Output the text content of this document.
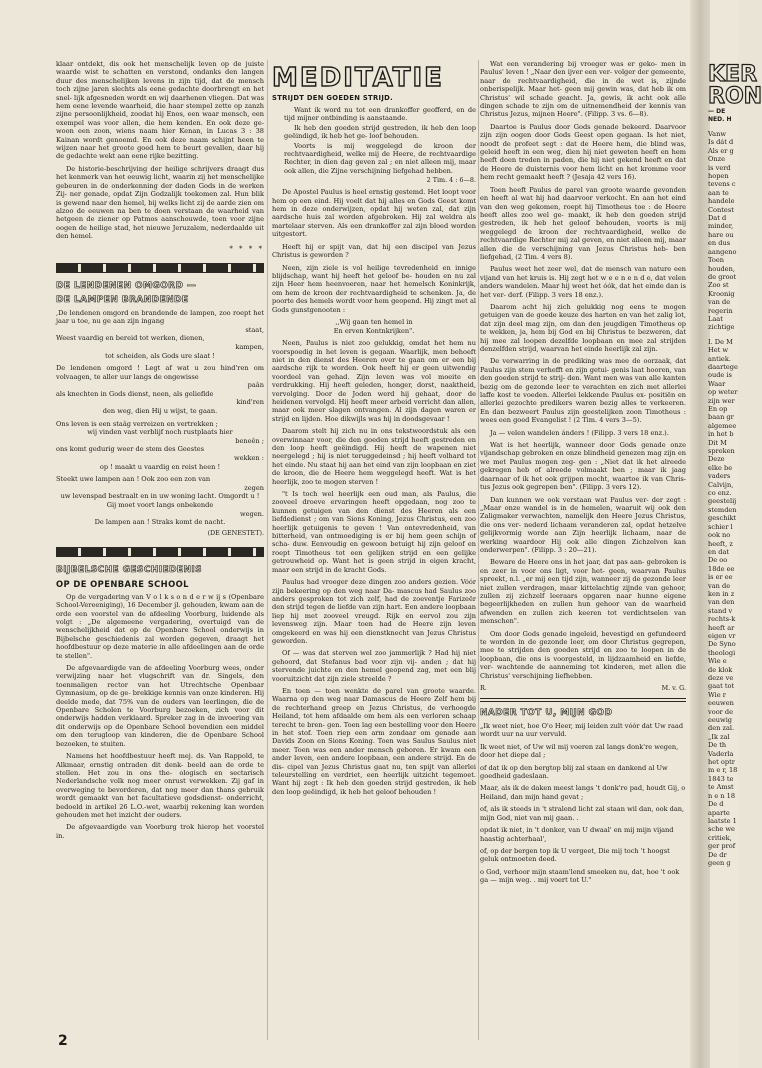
klaar ontdekt, dis ook het menschelijk leven op de juiste waarde wist te schatten en verstond, ondanks den langen duur des menschelijken levens in zijn tijd, dat de mensch toch zijne jaren slechts als eene gedachte doorbrengt en het snel- lijk afgesneden wordt en wij daarhenen vliegen. Dat was hem eene levende waarheid, die haar stempel zette op zanzh zijne persoonlijkheid, zoodat hij Enos, een waar mensch, een exempel was voor allen, die hem kenden. En ook deze ge- woon een zoon, wiens naam hier Kenan, in Lucas 3 : 38 Kainan wordt genoemd. En ook deze naam schijnt heen te wijzen naar het groote goed hem te beurt gevallen, daar hij de gedachte wekt aan eene rijke bezitting.

De historie-beschrijving der heilige schrijvers draagt dus het kenmerk van het eeuwig licht, waarin zij het menschelijke gebeuren in de onderkenning der daden Gods in de werken Zij- ner genade, opdat Zijn Godzalijk toekomen zal. Hun blik is gewend naar den hemel, bij welks licht zij de aarde zien om alzoo de eeuwen na ben te doen verstaan de waarheid van hetgeen de ziener op Patmos aanschouwde, toen voor zijne oogen de heilige stad, het nieuwe Jeruzalem, nederdaalde uit den hemel.

* * * *
DE LENDENEN OMGORD —
DE LAMPEN BRANDENDE

,De lendenen omgord en brandende de lampen, zoo roept het jaar u toe, nu ge aan zijn ingang

staat,

Weest vaardig en bereid tot werken, dienen,

kampen,

tot scheiden, als Gods ure slaat !

De lendenen omgord ! Legt af wat u zou hind'ren om volvaagen, te aller uur langs de ongewisse

paân

als knechten in Gods dienst, neen, als gelieflde

kind'ren

den weg, dien Hij u wijst, te gaan.

Ons leven is een staâg verreizen en vertrekken ;

wij vinden vast verblijf noch rustplaats hier

beneên ;

ons komt gedurig weer de stem des Geestes

wekken :

op ! maakt u vaardig en reist heen !

Steekt uwe lampen aan ! Ook zoo een zon van

zegen

uw levenspad bestraalt en in uw woning lacht. Omgordt u ! Gij moet voort langs onbekende

wegen.

De lampen aan ! Straks komt de nacht.

(DE GENESTET).
BIJBELSCHE GESCHIEDENIS
OP DE OPENBARE SCHOOL

Op de vergadering van V o l k s o n d e r w ij s (Openbare School-Vereeniging), 16 December jl. gehouden, kwam aan de orde een voorstel van de afdeeling Voorburg, luidende als volgt : „De algemeene vergadering, overtuigd van de wenschelijkheid dat op de Openbare School onderwijs in Bijbelsche geschiedenis zal worden gegeven, draagt het hoofdbestuur op deze materie in alle afdeelingen aan de orde te stellen".

De afgevaardigde van de afdeeling Voorburg wees, onder verwijzing naar het vlugschrift van dr. Singels, den toenmaligen rector van het Utrechtsche Openbaar Gymnasium, op de ge- brekkige kennis van onze kinderen. Hij deelde mede, dat 75% van de ouders van leerlingen, die de Openbare Scholen te Voorburg bezoeken, zich voor dit onderwijs hadden verklaard. Spreker zag in de invoering van dit onderwijs op de Openbare School bovendien een middel om den terugloop van kinderen, die de Openbare School bezoeken, te stuiten.

Namens het hoofdbestuur heeft mej. ds. Van Rappold, te Alkmaar, ernstig ontraden dit denk- beeld aan de orde te stellen. Het zou in ons the- ologisch en sectarisch Nederlandsche volk nog meer onrust verwekken. Zij gaf in overweging te bevorderen, dat nog meer dan thans gebruik wordt gemaakt van het facultatieve godsdienst- onderricht, bedoeld in artikel 26 L.O.-wet, waarbij rekening kan worden gehouden met het inzicht der ouders.

De afgevaardigde van Voorburg trok hierop het voorstel in.

2
MEDITATIE
STRIJDT DEN GOEDEN STRIJD.

Want ik word nu tot een drankoffer geofferd, en de tijd mijner ontbinding is aanstaande.

Ik heb den goeden strijd gestreden, ik heb den loop geëindigd, ik heb het ge- loof behouden.

Voorts is mij weggelegd de kroon der rechtvaardigheid, welke mij de Heere, de rechtvaardige Rechter, in dien dag geven zal ; en niet alleen mij, maar ook allen, die Zijne verschijning liefgehad hebben.

2 Tim. 4 : 6—8.

De Apostel Paulus is heel ernstig gestemd. Het loopt voor hem op een eind. Hij voelt dat hij alles en Gods Geest komt hem in deze onderwijzen, opdat hij weten zal, dat zijn aardsche huis zal worden afgebroken. Hij zal weldra als martelaar sterven. Als een drankoffer zal zijn bloed worden uitgestort.

Heeft hij er spijt van, dat hij een discipel van Jezus Christus is geworden ?

Neen, zijn ziele is vol heilige tevredenheid en innige blijdschap, want hij heeft het geloof be- houden en nu zal zijn Heer hem heenvoeren, naar het hemelsch Koninkrijk, om hem de kroon der rechtvaardigheid te schenken. Ja, de poorte des hemels wordt voor hem geopend. Hij zingt met al Gods gunstgenooten :

,,Wij gaan ten hemel in

En erven Kontnkrijken".

Neen, Paulus is niet zoo gelukkig, omdat het hem nu voorspoedig in het leven is gegaan. Waarlijk, men behoeft niet in den dienst des Heeren over te gaan om er een bij aardsche rijk te worden. Ook heeft hij er geen uitwendig voordeel van gehad. Zijn leven was vol moeite en verdrukking. Hij heeft geleden, honger, dorst, naaktheid, vervolging. Door de Joden werd hij gehaat, door de heidenen vervolgd. Hij heeft meer arbeid verricht dan allen, maar ook meer slagen ontvangen. Al zijn dagen waren er strijd en lijden. Hoe dikwijls was hij in doodsgevaar !

Daarom stelt hij zich nu in ons tekstwoordstuk als een overwinnaar voor, die den goeden strijd heeft gestreden en den loop heeft geëindigd. Hij heeft de wapenen niet neergelegd ; hij is niet teruggedeinsd ; hij heeft volhard tot het einde. Nu staat hij aan het eind van zijn loopbaan en ziet de kroon, die de Heere hem weggelegd heeft. Wat is het heerlijk, zoo te mogen sterven !

"t Is toch wel heerlijk een oud man, als Paulus, die zooveel droeve ervaringen heeft opgedaan, nog zoo te kunnen getuigen van den dienst des Heeren als een liefdedienst ; om van Sions Koning, Jezus Christus, een zoo heerlijk getuigenis te geven ! Van ontevredenheid, van bitterheid, van ontmoediging is er bij hem geen schijn of scha- duw. Eenvoudig en gewoon betuigt hij zijn geloof en roept Timotheus tot een gelijken strijd en een gelijke getrouwheid op. Want het is geen strijd in eigen kracht, maar een strijd in de kracht Gods.

Paulus had vroeger deze dingen zoo anders gezien. Vóór zijn bekeering op den weg naar Da- mascus had Saulus zoo anders gesproken tot zich zelf, had de zoeventje Farizeër den strijd tegen de liefde van zijn hart. Een andere loopbaan liep hij met zooveel vreugd. Rijk en eervol zou zijn levensweg zijn. Maar toen had de Heere zijn leven omgekeerd en was hij een dienstknecht van Jezus Christus geworden.

Of — was dat sterven wel zoo jammerlijk ? Had hij niet gehoord, dat Stefanus bad voor zijn vij- anden ; dat hij stervende juichte en den hemel geopend zag, met een blij vooruitzicht dat zijn ziele streelde ?

En toen — toen wenkte de parel van groote waarde. Waarna op den weg naar Damascus de Heere Zelf hem bij de rechterhand greep en Jezus Christus, de verhoogde Heiland, tot hem afdaalde om hem als een verloren schaap terecht te bren- gen. Toen lag een bestelling voor den Heere in het stof. Toen riep een arm zondaar om genade aan Davids Zoon en Sions Koning. Toen was Saulus Saulus niet meer. Toen was een ander mensch geboren. Er kwam een ander leven, een andere loopbaan, een andere strijd. En de dis- cipel van Jezus Christus gaat nu, ten spijt van allerlei teleurstelling en verdriet, een heerlijk uitzicht tegemoet. Want hij zegt : Ik heb den goeden strijd gestreden, ik heb den loop geëindigd, ik heb het geloof behouden !

Wat een verandering bij vroeger was er geko- men in Paulus' leven ! „Naar den ijver een ver- volger der gemeente, naar de rechtvaardigheid, die in de wet is, zijnde onberispelijk. Maar het- geen mij gewin was, dat heb ik om Christus' wil schade geacht. Ja, gewis, ik acht ook alle dingen schade te zijn om de uitnemendheid der kennis van Christus Jezus, mijnen Heere". (Filipp. 3 vs. 6—8).

Daartoe is Paulus door Gods genade bekeerd. Daarvoor zijn zijn oogen door Gods Geest open gegaan. Is het niet, noodt de profeet segt : dat de Heere hem, die blind was, geleid heeft in een weg, dien hij niet geweten heeft en hem heeft doen treden in paden, die hij niet gekend heeft en dat de Heere de duisternis voor hem licht en het kromme voor hem recht gemaakt heeft ? (Jesaja 42 vers 16).

Toen heeft Paulus de parel van groote waarde gevonden en heeft al wat hij had daarvoor verkocht. En aan het eind van den weg gekomen, roept hij Timotheus toe : de Heere heeft alles zoo wel ge- maakt, ik heb den goeden strijd gestreden, ik heb het geloof behouden, voorts is mij weggelegd de kroon der rechtvaardigheid, welke de rechtvaardige Rechter mij zal geven, en niet alleen mij, maar allen die de verschijning van Jezus Christus heb- ben liefgehad, (2 Tim. 4 vers 8).

Paulus weet het zeer wel, dat de mensch van nature een vijand van het kruis is. Hij zegt het w e e n e n d e, dat velen anders wandelen. Maar hij weet het óók, dat het einde dan is het ver- derf. (Filipp. 3 vers 18 enz.).

Daarom acht hij zich gelukkig nog eens te mogen getuigen van de goede keuze des harten en van het zalig lot, dat zijn deel mag zijn, om dan den jeugdigen Timotheus op te wekken, ja, hem bij God en bij Christus te bezweren, dat hij mee zal loopen dezelfde loopbaan en mee zal strijden denzelfden strijd, waarvan het einde heerlijk zal zijn.

De verwarring in de prediking was mee de oorzaak, dat Paulus zijn stem verhefft en zijn getui- genis laat hooren, van den goeden strijd te strij- den. Want men was van alle kanten bezig om de gezonde leer te verachten en zich met allerlei laffe kost te voeden. Allerlei lekkende Paulus ex- positiën en allerlei gezochte predikers waren bezig alles te verkeeren. En dan bezweert Paulus zijn geestelijken zoon Timotheus : wees een goed Evangelist ! (2 Tim. 4 vers 3—5).

Ja — velen wandelen ánders ! (Filipp. 3 vers 18 enz.).

Wat is het heerlijk, wanneer door Gods genade onze vijandschap gebroken en onze blindheid genezen mag zijn en we met Paulus mogen zeg- gen : „Niet dat ik het alreede gekregen heb of alreede volmaakt ben ; maar ik jaag daarnaar of ik het ook grijpen mocht, waartoe ik van Chris- tus Jezus ook gegrepen ben". (Filipp. 3 vers 12).

Dan kunnen we ook verstaan wat Paulus ver- der zegt : „Maar onze wandel is in de hemelen, waaruit wij ook den Zaligmaker verwachten, namelijk den Heere Jezus Christus, die ons ver- nederd lichaam veranderen zal, opdat hetzelve gelijkvormig worde aan Zijn heerlijk lichaam, naar de werking waardoor Hij ook alle dingen Zichzelven kan onderwerpen". (Filipp. 3 : 20—21).

Beware de Heere ons in het jaar, dat pas aan- gebroken is en zeer in voor ons ligt, voor het- geen, waarvan Paulus spreekt, n.l. „er mij een tijd zijn, wanneer zij de gezonde leer niet zullen verdragen, maar kittelachtig zijnde van gehoor, zullen zij zichzelf leeraars opgaren naar hunne eigene begeerlijkheden en zullen hun gehoor van de waarheid afwenden en zullen zich keeren tot verdichtselen van menschen".

Om door Gods genade ingeleid, bevestigd en gefundeerd te worden in de gezonde leer, om door Christus gegrepen, mee te strijden den goeden strijd en zoo te loopen in de loopbaan, die ons is voorgesteld, in lijdzaamheid en liefde, ver- wachtende de aanneming tot kinderen, met allen die Christus' verschijning liefhebben.

R.	M. v. G.
NADER TOT U, MIJN GOD

„Ik weet niet, hoe O'o Heer, mij leiden zult vóór dat Uw raad wordt uur na uur vervuld.

Ik weet niet, of Uw wil mij voeren zal langs donk're wegen, door het diepe dal ;

of dat ik op den bergtop blij zal staan en dankend al Uw goedheid gadeslaan.

Maar, als ik de daken meest langs 't donk're pad, houdt Gij, o Heiland, dan mijn hand gevat ;

of, als ik steeds in 't stralend licht zal staan wil dan, ook dan, mijn God, niet van mij gaan. .

opdat ik niet, in 't donker, van U dwaal' en mij mijn vijand haastig achterhaal',

of, op der bergen top ik U vergeet, Die mij toch 't hoogst geluk ontmoeten deed.

o God, verhoor mijn staam'lend smeeken nu, dat, hoe 't ook ga — mijn weg. . mij voert tot U."

KER
RON
— DE
NED. H
Vanw
Is dát d
Als er g
Onze
is verd
hopen
tevens c
aan te
handele
Contest
Dat d
minder,
hare ou
en dus
aangeno
Toen
houden,
de groot
Zoo st
Kroonig
van de
regerin
Laat
zichtige
I. De M
Het w
antiek.
daartege
oude is
Waar
op weter
zijn wer
En op
baan gr
algemee
in het b
Dit M
spreken
Deze
elke be
vaders
Calvijn,
co enz.
geestelij
stemden
geschikt
schier l
ook no
heeft, z
en dat
De oo
18de ee
is er ee
van de
ken in z
van den
stand v
rechts-k
heeft ar
eigen vr
De Syno
theologi
Wie e
de klok
deze ve
gaat tot
Wie r
eeuwen
voor de
eeuwig
den zal.
„Ik zal
De th
Vaderla
het optr
m e r, 18
1843 te
te Amst
n e n 18
De d
aparte
laatste 1
sche we
critiek,
ger prof
De dr
geen g
